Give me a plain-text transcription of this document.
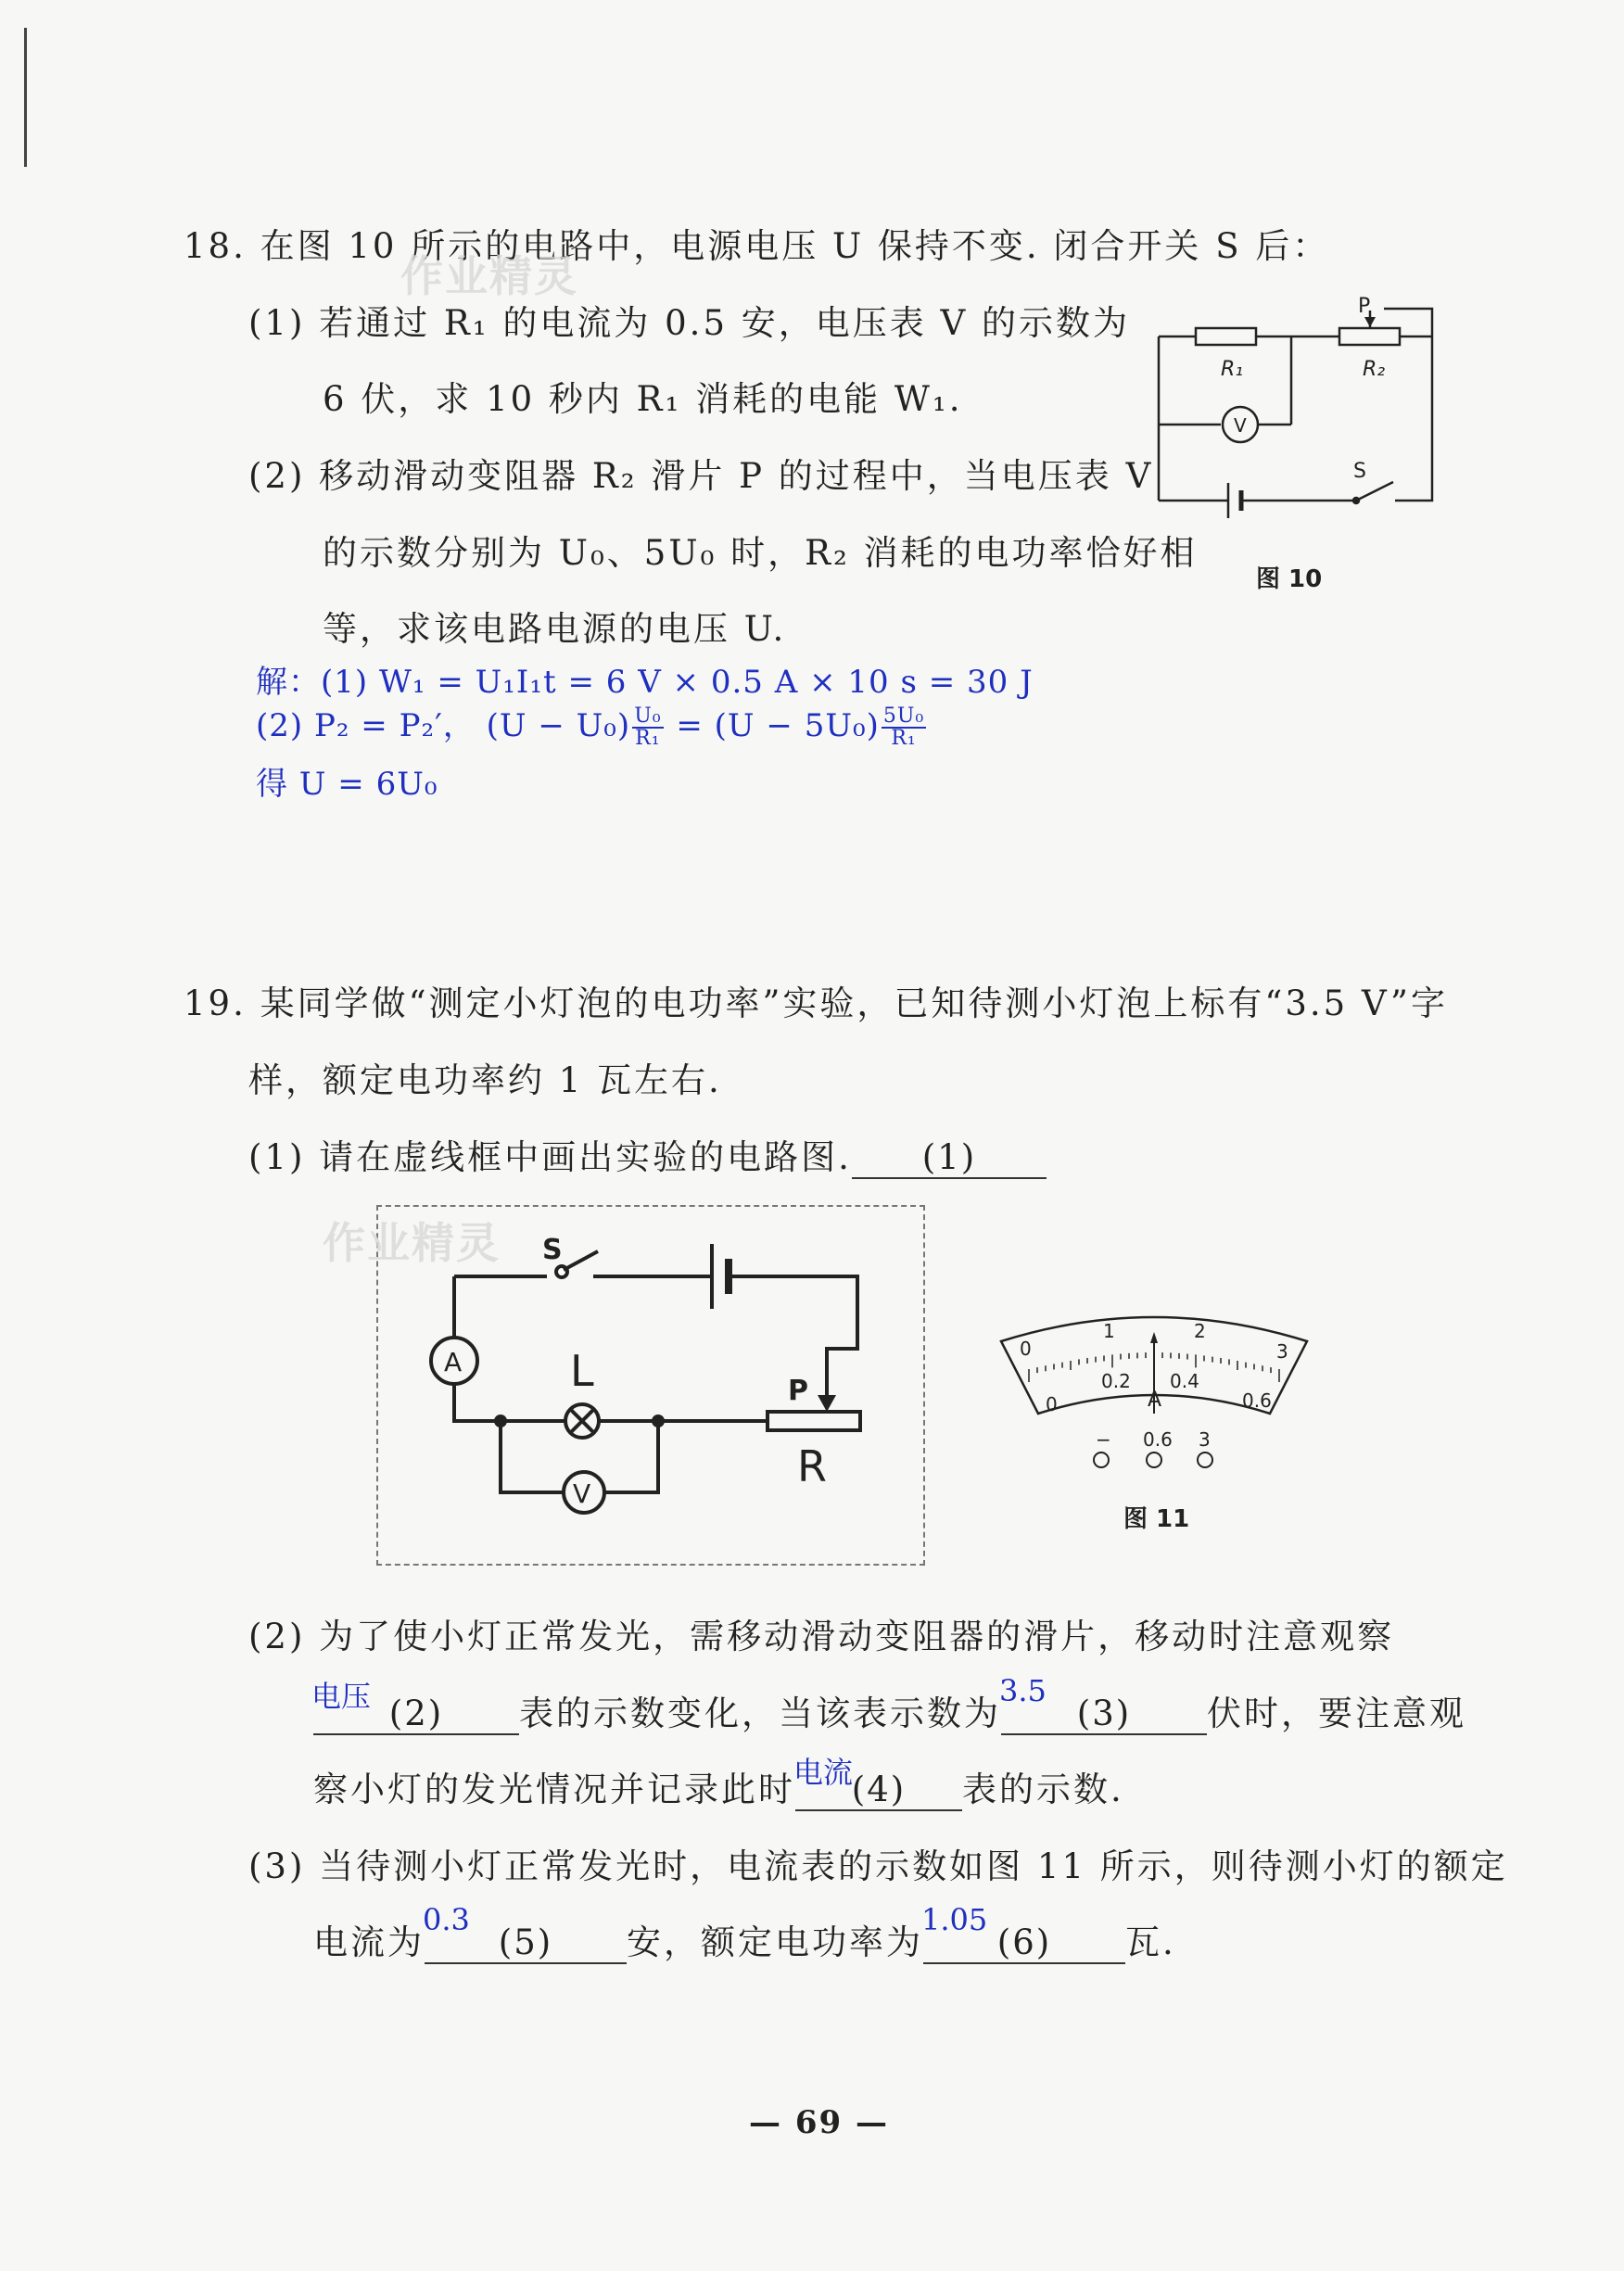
18. 在图 10 所示的电路中，电源电压 U 保持不变. 闭合开关 S 后：
作业精灵
(1) 若通过 R₁ 的电流为 0.5 安，电压表 V 的示数为
6 伏，求 10 秒内 R₁ 消耗的电能 W₁.
(2) 移动滑动变阻器 R₂ 滑片 P 的过程中，当电压表 V
的示数分别为 U₀、5U₀ 时，R₂ 消耗的电功率恰好相
等，求该电路电源的电压 U.
解：(1) W₁ = U₁I₁t = 6 V × 0.5 A × 10 s = 30 J
(2) P₂ = P₂′， $(U - U_0) \frac{\text{U₀}}{\text{R₁}} = (U - 5U_0) \frac{\text{5U₀}}{\text{R₁}}$
得 U = 6U₀
P
R₁	R₂
V
S
图 10
19. 某同学做“测定小灯泡的电功率”实验，已知待测小灯泡上标有“3.5 V”字
样，额定电功率约 1 瓦左右.
(1) 请在虚线框中画出实验的电路图. (1)
作业精灵 S
A	L	P
V
R
0
1	2
3
0
0.2 0.4
0.6
A
− 0.6 3
图 11
(2) 为了使小灯正常发光，需移动滑动变阻器的滑片，移动时注意观察
电压 (2) 表的示数变化，当该表示数为
3.5
(3) 伏时，要注意观
察小灯的发光情况并记录此时
电流
(4) 表的示数.
(3) 当待测小灯正常发光时，电流表的示数如图 11 所示，则待测小灯的额定
电流为
0.3
(5) 安，额定电功率为
1.05
(6) 瓦.
— 69 —
